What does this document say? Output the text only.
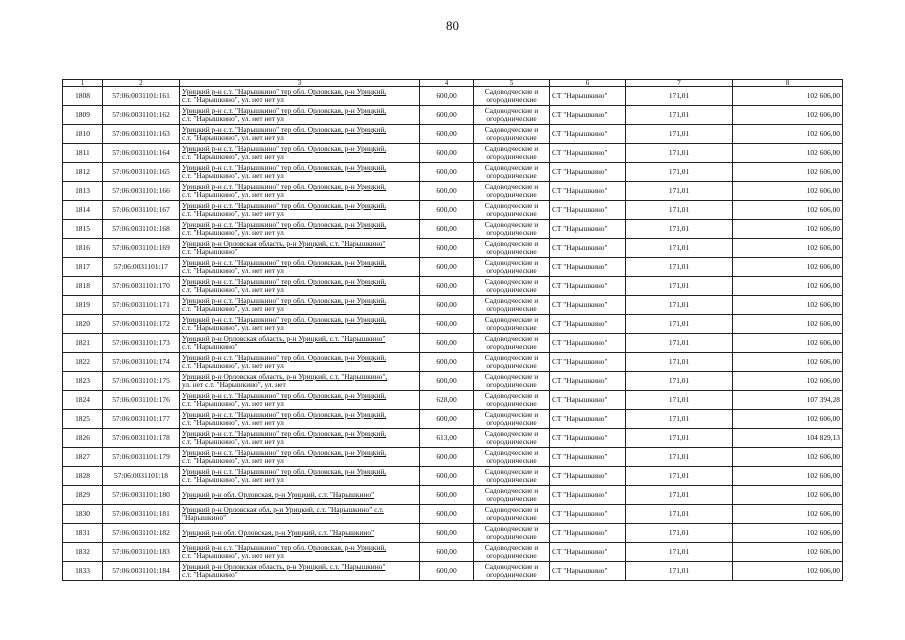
80
1	2	3	4	5	6	7	8
1808	57:06:0031101:161	Урицкий р-н с.т. "Нарышкино" тер обл. Орловская, р-н Урицкий,
с.т. "Нарышкино", ул. нет нет ул	600,00	Садоводческие и
огороднические	СТ "Нарышкино"	171,01	102 606,00
1809	57:06:0031101:162	Урицкий р-н с.т. "Нарышкино" тер обл. Орловская, р-н Урицкий,
с.т. "Нарышкино", ул. нет нет ул	600,00	Садоводческие и
огороднические	СТ "Нарышкино"	171,01	102 606,00
1810	57:06:0031101:163	Урицкий р-н с.т. "Нарышкино" тер обл. Орловская, р-н Урицкий,
с.т. "Нарышкино", ул. нет нет ул	600,00	Садоводческие и
огороднические	СТ "Нарышкино"	171,01	102 606,00
1811	57:06:0031101:164	Урицкий р-н с.т. "Нарышкино" тер обл. Орловская, р-н Урицкий,
с.т. "Нарышкино", ул. нет нет ул	600,00	Садоводческие и
огороднические	СТ "Нарышкино"	171,01	102 606,00
1812	57:06:0031101:165	Урицкий р-н с.т. "Нарышкино" тер обл. Орловская, р-н Урицкий,
с.т. "Нарышкино", ул. нет нет ул	600,00	Садоводческие и
огороднические	СТ "Нарышкино"	171,01	102 606,00
1813	57:06:0031101:166	Урицкий р-н с.т. "Нарышкино" тер обл. Орловская, р-н Урицкий,
с.т. "Нарышкино", ул. нет нет ул	600,00	Садоводческие и
огороднические	СТ "Нарышкино"	171,01	102 606,00
1814	57:06:0031101:167	Урицкий р-н с.т. "Нарышкино" тер обл. Орловская, р-н Урицкий,
с.т. "Нарышкино", ул. нет нет ул	600,00	Садоводческие и
огороднические	СТ "Нарышкино"	171,01	102 606,00
1815	57:06:0031101:168	Урицкий р-н с.т. "Нарышкино" тер обл. Орловская, р-н Урицкий,
с.т. "Нарышкино", ул. нет нет ул	600,00	Садоводческие и
огороднические	СТ "Нарышкино"	171,01	102 606,00
1816	57:06:0031101:169	Урицкий р-н Орловская область, р-н Урицкий, с.т. "Нарышкино"
с.т. "Нарышкино"	600,00	Садоводческие и
огороднические	СТ "Нарышкино"	171,01	102 606,00
1817	57:06:0031101:17	Урицкий р-н с.т. "Нарышкино" тер обл. Орловская, р-н Урицкий,
с.т. "Нарышкино", ул. нет нет ул	600,00	Садоводческие и
огороднические	СТ "Нарышкино"	171,01	102 606,00
1818	57:06:0031101:170	Урицкий р-н с.т. "Нарышкино" тер обл. Орловская, р-н Урицкий,
с.т. "Нарышкино", ул. нет нет ул	600,00	Садоводческие и
огороднические	СТ "Нарышкино"	171,01	102 606,00
1819	57:06:0031101:171	Урицкий р-н с.т. "Нарышкино" тер обл. Орловская, р-н Урицкий,
с.т. "Нарышкино", ул. нет нет ул	600,00	Садоводческие и
огороднические	СТ "Нарышкино"	171,01	102 606,00
1820	57:06:0031101:172	Урицкий р-н с.т. "Нарышкино" тер обл. Орловская, р-н Урицкий,
с.т. "Нарышкино", ул. нет нет ул	600,00	Садоводческие и
огороднические	СТ "Нарышкино"	171,01	102 606,00
1821	57:06:0031101:173	Урицкий р-н Орловская область, р-н Урицкий, с.т. "Нарышкино"
с.т. "Нарышкино"	600,00	Садоводческие и
огороднические	СТ "Нарышкино"	171,01	102 606,00
1822	57:06:0031101:174	Урицкий р-н с.т. "Нарышкино" тер обл. Орловская, р-н Урицкий,
с.т. "Нарышкино", ул. нет нет ул	600,00	Садоводческие и
огороднические	СТ "Нарышкино"	171,01	102 606,00
1823	57:06:0031101:175	Урицкий р-н Орловская область, р-н Урицкий, с.т. "Нарышкино",
ул. нет с.т. "Нарышкино", ул. нет	600,00	Садоводческие и
огороднические	СТ "Нарышкино"	171,01	102 606,00
1824	57:06:0031101:176	Урицкий р-н с.т. "Нарышкино" тер обл. Орловская, р-н Урицкий,
с.т. "Нарышкино", ул. нет нет ул	628,00	Садоводческие и
огороднические	СТ "Нарышкино"	171,01	107 394,28
1825	57:06:0031101:177	Урицкий р-н с.т. "Нарышкино" тер обл. Орловская, р-н Урицкий,
с.т. "Нарышкино", ул. нет нет ул	600,00	Садоводческие и
огороднические	СТ "Нарышкино"	171,01	102 606,00
1826	57:06:0031101:178	Урицкий р-н с.т. "Нарышкино" тер обл. Орловская, р-н Урицкий,
с.т. "Нарышкино", ул. нет нет ул	613,00	Садоводческие и
огороднические	СТ "Нарышкино"	171,01	104 829,13
1827	57:06:0031101:179	Урицкий р-н с.т. "Нарышкино" тер обл. Орловская, р-н Урицкий,
с.т. "Нарышкино", ул. нет нет ул	600,00	Садоводческие и
огороднические	СТ "Нарышкино"	171,01	102 606,00
1828	57:06:0031101:18	Урицкий р-н с.т. "Нарышкино" тер обл. Орловская, р-н Урицкий,
с.т. "Нарышкино", ул. нет нет ул	600,00	Садоводческие и
огороднические	СТ "Нарышкино"	171,01	102 606,00
1829	57:06:0031101:180	Урицкий р-н обл. Орловская, р-н Урицкий, с.т. "Нарышкино"	600,00	Садоводческие и
огороднические	СТ "Нарышкино"	171,01	102 606,00
1830	57:06:0031101:181	Урицкий р-н Орловская обл, р-н Урицкий, с.т. "Нарышкино" с.т.
"Нарышкино"	600,00	Садоводческие и
огороднические	СТ "Нарышкино"	171,01	102 606,00
1831	57:06:0031101:182	Урицкий р-н обл. Орловская, р-н Урицкий, с.т. "Нарышкино"	600,00	Садоводческие и
огороднические	СТ "Нарышкино"	171,01	102 606,00
1832	57:06:0031101:183	Урицкий р-н с.т. "Нарышкино" тер обл. Орловская, р-н Урицкий,
с.т. "Нарышкино", ул. нет нет ул	600,00	Садоводческие и
огороднические	СТ "Нарышкино"	171,01	102 606,00
1833	57:06:0031101:184	Урицкий р-н Орловская область, р-н Урицкий, с.т. "Нарышкино"
с.т. "Нарышкино"	600,00	Садоводческие и
огороднические	СТ "Нарышкино"	171,01	102 606,00
